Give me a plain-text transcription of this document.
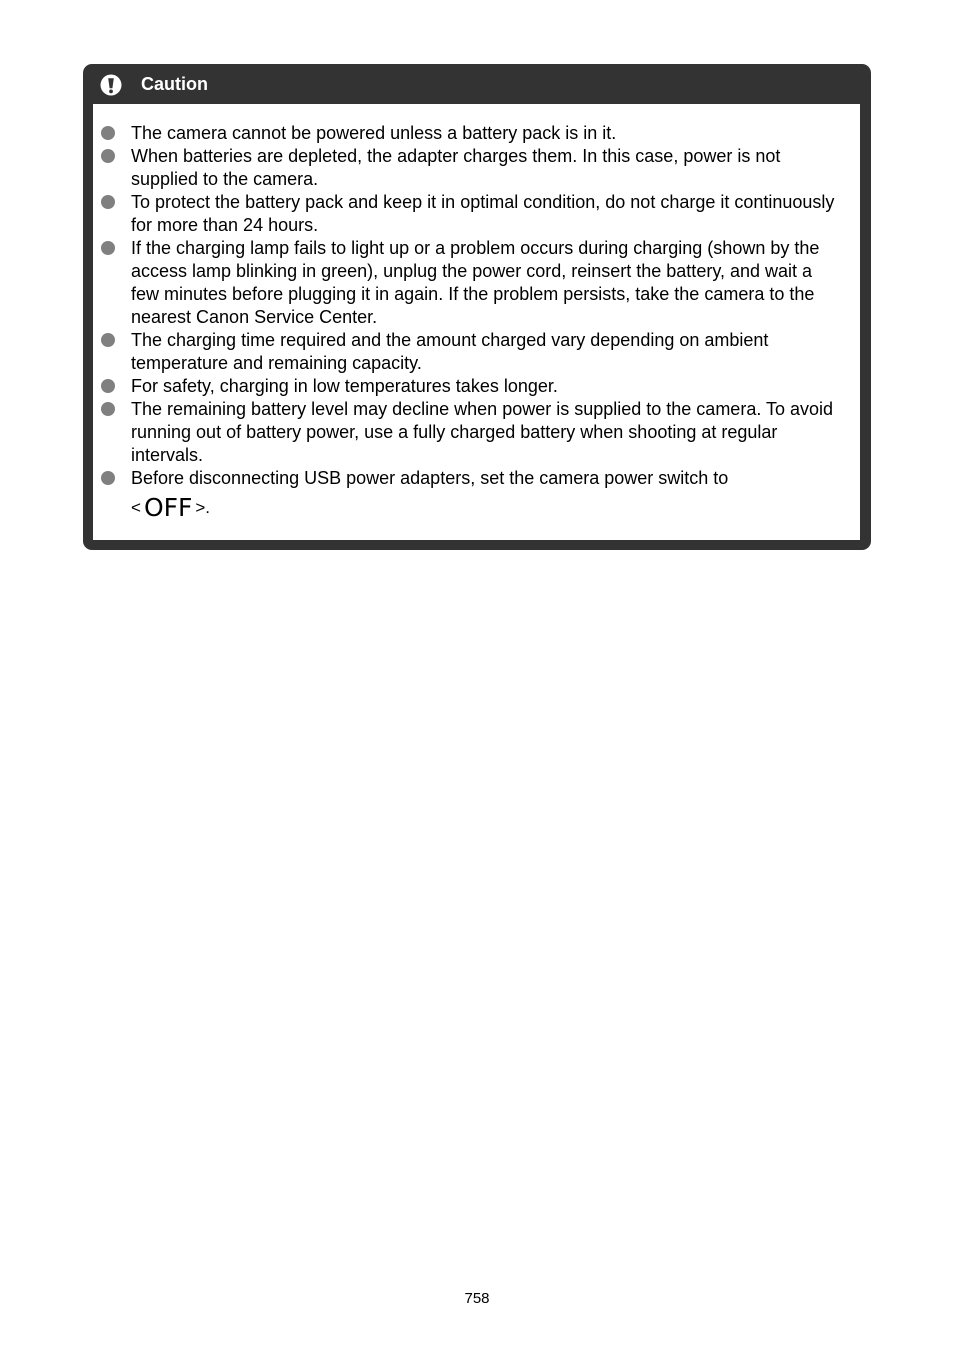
Caution
The camera cannot be powered unless a battery pack is in it.
When batteries are depleted, the adapter charges them. In this case, power is not supplied to the camera.
To protect the battery pack and keep it in optimal condition, do not charge it continuously for more than 24 hours.
If the charging lamp fails to light up or a problem occurs during charging (shown by the access lamp blinking in green), unplug the power cord, reinsert the battery, and wait a few minutes before plugging it in again. If the problem persists, take the camera to the nearest Canon Service Center.
The charging time required and the amount charged vary depending on ambient temperature and remaining capacity.
For safety, charging in low temperatures takes longer.
The remaining battery level may decline when power is supplied to the camera. To avoid running out of battery power, use a fully charged battery when shooting at regular intervals.
Before disconnecting USB power adapters, set the camera power switch to
< OFF >.
758
